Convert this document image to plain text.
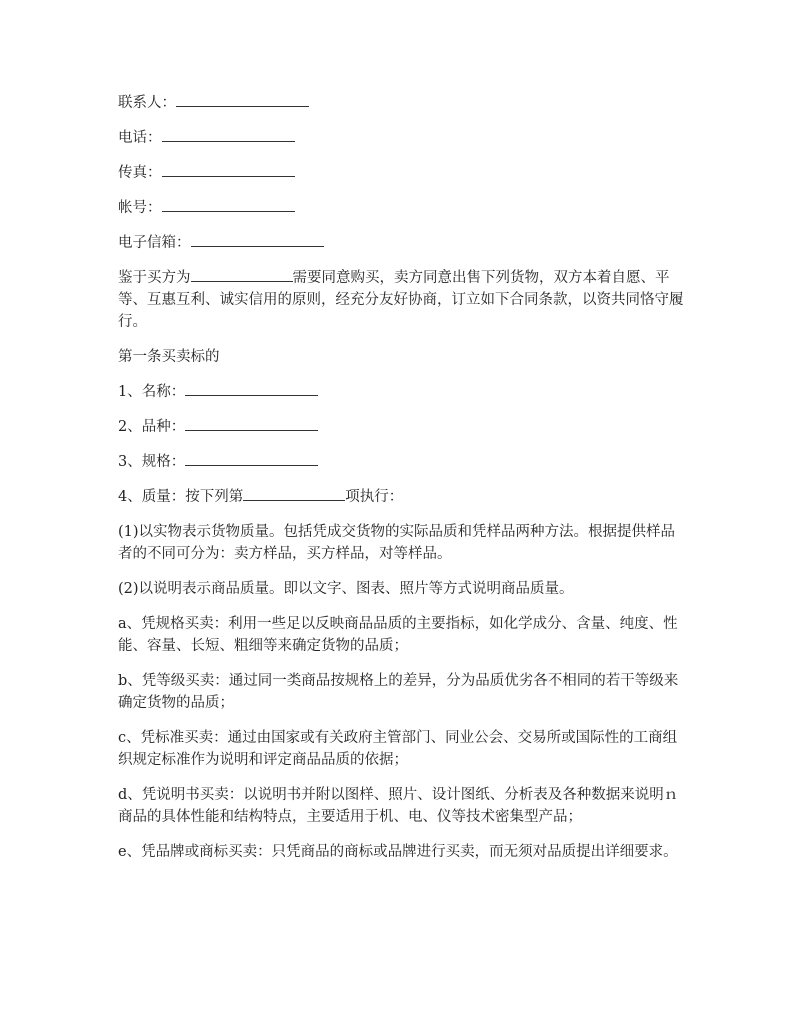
联系人：

电话：

传真：

帐号：

电子信箱：

鉴于买方为	需要同意购买，卖方同意出售下列货物，双方本着自愿、平等、互惠互利、诚实信用的原则，经充分友好协商，订立如下合同条款，以资共同恪守履行。

第一条买卖标的

1、名称：

2、品种：

3、规格：

4、质量：按下列第	项执行：

(1)以实物表示货物质量。包括凭成交货物的实际品质和凭样品两种方法。根据提供样品者的不同可分为：卖方样品，买方样品，对等样品。

(2)以说明表示商品质量。即以文字、图表、照片等方式说明商品质量。

a、凭规格买卖：利用一些足以反映商品品质的主要指标，如化学成分、含量、纯度、性能、容量、长短、粗细等来确定货物的品质；

b、凭等级买卖：通过同一类商品按规格上的差异，分为品质优劣各不相同的若干等级来确定货物的品质；

c、凭标准买卖：通过由国家或有关政府主管部门、同业公会、交易所或国际性的工商组织规定标准作为说明和评定商品品质的依据；

d、凭说明书买卖：以说明书并附以图样、照片、设计图纸、分析表及各种数据来说明ｎ商品的具体性能和结构特点，主要适用于机、电、仪等技术密集型产品；

e、凭品牌或商标买卖：只凭商品的商标或品牌进行买卖，而无须对品质提出详细要求。
